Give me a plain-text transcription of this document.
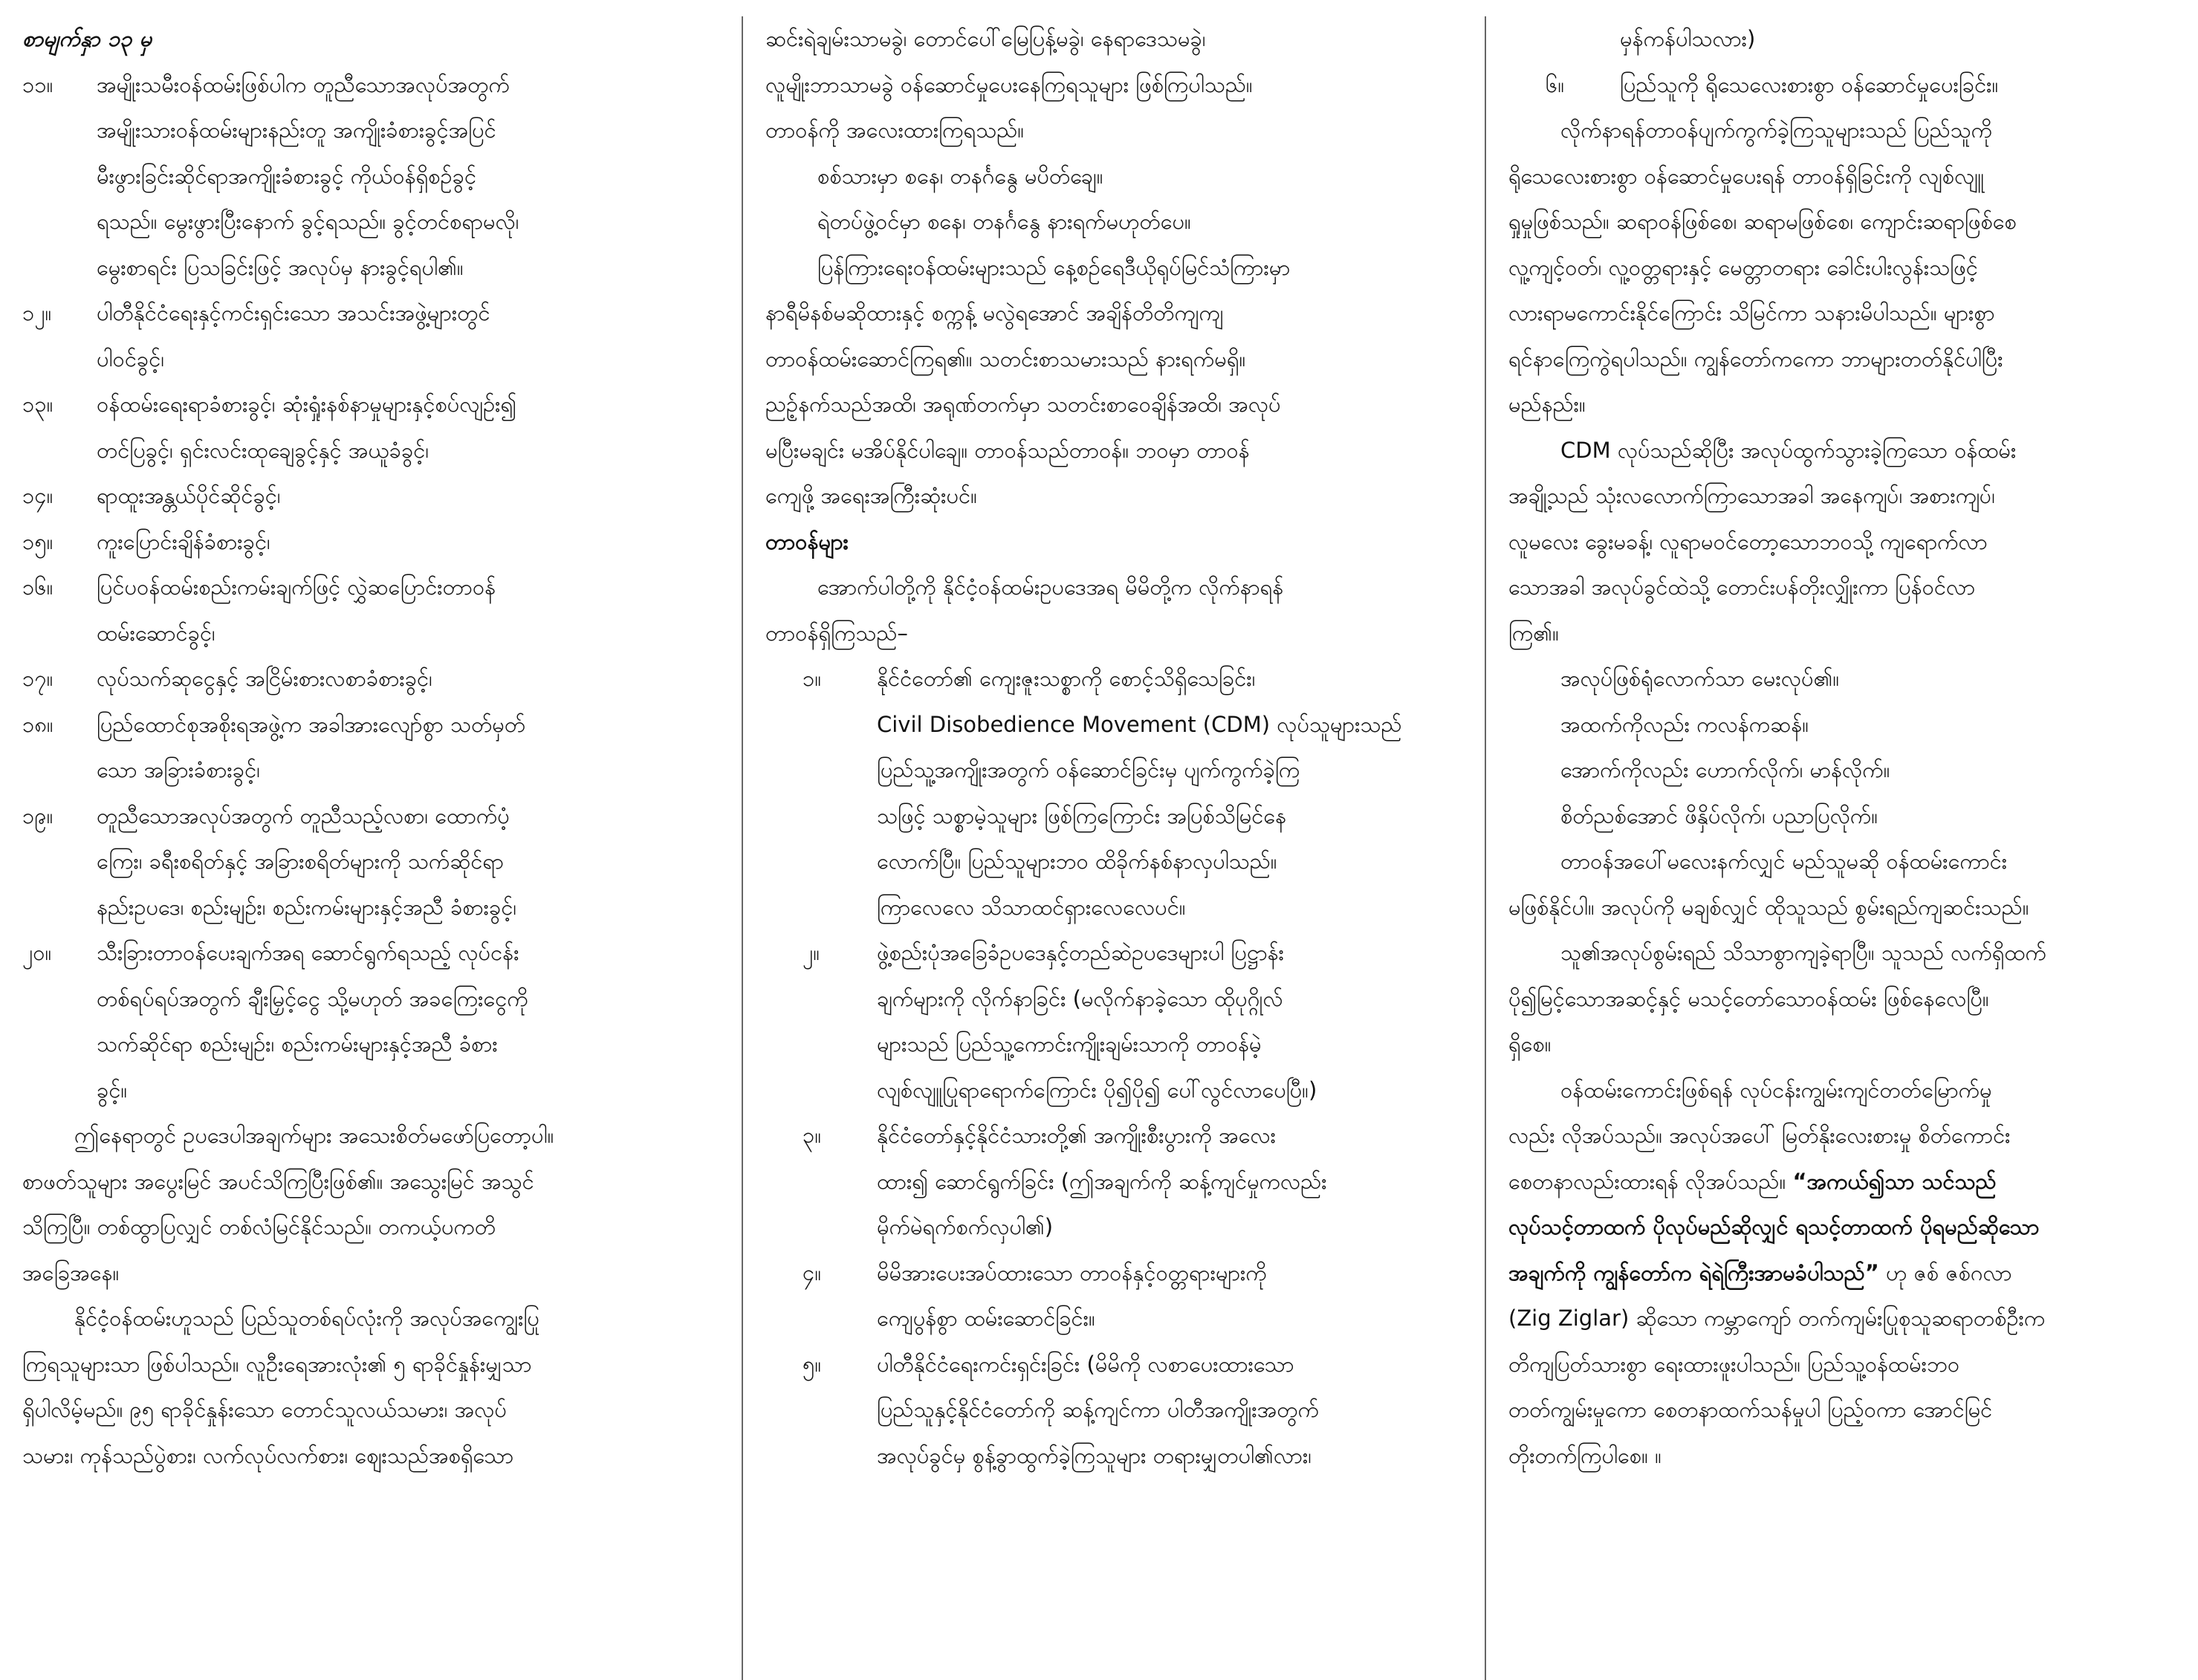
စာမျက်နှာ ၁၃ မှ
၁၁။	အမျိုးသမီးဝန်ထမ်းဖြစ်ပါက တူညီသောအလုပ်အတွက်
အမျိုးသားဝန်ထမ်းများနည်းတူ အကျိုးခံစားခွင့်အပြင်
မီးဖွားခြင်းဆိုင်ရာအကျိုးခံစားခွင့် ကိုယ်ဝန်ရှိစဉ်ခွင့်
ရသည်။ မွေးဖွားပြီးနောက် ခွင့်ရသည်။ ခွင့်တင်စရာမလို၊
မွေးစာရင်း ပြသခြင်းဖြင့် အလုပ်မှ နားခွင့်ရပါ၏။
၁၂။	ပါတီနိုင်ငံရေးနှင့်ကင်းရှင်းသော အသင်းအဖွဲ့များတွင်
ပါဝင်ခွင့်၊
၁၃။	ဝန်ထမ်းရေးရာခံစားခွင့်၊ ဆုံးရှုံးနစ်နာမှုများနှင့်စပ်လျဉ်း၍
တင်ပြခွင့်၊ ရှင်းလင်းထုချေခွင့်နှင့် အယူခံခွင့်၊
၁၄။	ရာထူးအန္တယ်ပိုင်ဆိုင်ခွင့်၊
၁၅။	ကူးပြောင်းချိန်ခံစားခွင့်၊
၁၆။	ပြင်ပဝန်ထမ်းစည်းကမ်းချက်ဖြင့် လွှဲဆပြောင်းတာဝန်
ထမ်းဆောင်ခွင့်၊
၁၇။	လုပ်သက်ဆုငွေနှင့် အငြိမ်းစားလစာခံစားခွင့်၊
၁၈။	ပြည်ထောင်စုအစိုးရအဖွဲ့က အခါအားလျော်စွာ သတ်မှတ်
သော အခြားခံစားခွင့်၊
၁၉။	တူညီသောအလုပ်အတွက် တူညီသည့်လစာ၊ ထောက်ပံ့
ကြေး၊ ခရီးစရိတ်နှင့် အခြားစရိတ်များကို သက်ဆိုင်ရာ
နည်းဥပဒေ၊ စည်းမျဉ်း၊ စည်းကမ်းများနှင့်အညီ ခံစားခွင့်၊
၂၀။	သီးခြားတာဝန်ပေးချက်အရ ဆောင်ရွက်ရသည့် လုပ်ငန်း
တစ်ရပ်ရပ်အတွက် ချီးမြှင့်ငွေ သို့မဟုတ် အခကြေးငွေကို
သက်ဆိုင်ရာ စည်းမျဉ်း၊ စည်းကမ်းများနှင့်အညီ ခံစား
ခွင့်။
ဤနေရာတွင် ဥပဒေပါအချက်များ အသေးစိတ်မဖော်ပြတော့ပါ။
စာဖတ်သူများ အပွေးမြင် အပင်သိကြပြီးဖြစ်၏။ အသွေးမြင် အသွင်
သိကြပြီ။ တစ်ထွာပြလျှင် တစ်လံမြင်နိုင်သည်။ တကယ့်ပကတိ
အခြေအနေ။
နိုင်ငံ့ဝန်ထမ်းဟူသည် ပြည်သူတစ်ရပ်လုံးကို အလုပ်အကျွေးပြု
ကြရသူများသာ ဖြစ်ပါသည်။ လူဦးရေအားလုံး၏ ၅ ရာခိုင်နှုန်းမျှသာ
ရှိပါလိမ့်မည်။ ၉၅ ရာခိုင်နှုန်းသော တောင်သူလယ်သမား၊ အလုပ်
သမား၊ ကုန်သည်ပွဲစား၊ လက်လုပ်လက်စား၊ ဈေးသည်အစရှိသော
ဆင်းရဲချမ်းသာမခွဲ၊ တောင်ပေါ်မြေပြန့်မခွဲ၊ နေရာဒေသမခွဲ၊
လူမျိုးဘာသာမခွဲ ဝန်ဆောင်မှုပေးနေကြရသူများ ဖြစ်ကြပါသည်။
တာဝန်ကို အလေးထားကြရသည်။
စစ်သားမှာ စနေ၊ တနင်္ဂနွေ မပိတ်ချေ။
ရဲတပ်ဖွဲ့ဝင်မှာ စနေ၊ တနင်္ဂနွေ နားရက်မဟုတ်ပေ။
ပြန်ကြားရေးဝန်ထမ်းများသည် နေ့စဉ်ရေဒီယိုရုပ်မြင်သံကြားမှာ
နာရီမိနစ်မဆိုထားနှင့် စက္ကန့် မလွဲရအောင် အချိန်တိတိကျကျ
တာဝန်ထမ်းဆောင်ကြရ၏။ သတင်းစာသမားသည် နားရက်မရှိ။
ညဉ့်နက်သည်အထိ၊ အရုဏ်တက်မှာ သတင်းစာဝေချိန်အထိ၊ အလုပ်
မပြီးမချင်း မအိပ်နိုင်ပါချေ။ တာဝန်သည်တာဝန်။ ဘဝမှာ တာဝန်
ကျေဖို့ အရေးအကြီးဆုံးပင်။
တာဝန်များ
အောက်ပါတို့ကို နိုင်ငံ့ဝန်ထမ်းဥပဒေအရ မိမိတို့က လိုက်နာရန်
တာဝန်ရှိကြသည်–
၁။	နိုင်ငံတော်၏ ကျေးဇူးသစ္စာကို စောင့်သိရှိသေခြင်း၊
Civil Disobedience Movement (CDM) လုပ်သူများသည်
ပြည်သူ့အကျိုးအတွက် ဝန်ဆောင်ခြင်းမှ ပျက်ကွက်ခဲ့ကြ
သဖြင့် သစ္စာမဲ့သူများ ဖြစ်ကြကြောင်း အပြစ်သိမြင်နေ
လောက်ပြီ။ ပြည်သူများဘဝ ထိခိုက်နစ်နာလှပါသည်။
ကြာလေလေ သိသာထင်ရှားလေလေပင်။
၂။	ဖွဲ့စည်းပုံအခြေခံဥပဒေနှင့်တည်ဆဲဥပဒေများပါ ပြဋ္ဌာန်း
ချက်များကို လိုက်နာခြင်း (မလိုက်နာခဲ့သော ထိုပုဂ္ဂိုလ်
များသည် ပြည်သူ့ကောင်းကျိုးချမ်းသာကို တာဝန်မဲ့
လျစ်လျူပြုရာရောက်ကြောင်း ပို၍ပို၍ ပေါ်လွင်လာပေပြီ။)
၃။	နိုင်ငံတော်နှင့်နိုင်ငံသားတို့၏ အကျိုးစီးပွားကို အလေး
ထား၍ ဆောင်ရွက်ခြင်း (ဤအချက်ကို ဆန့်ကျင်မှုကလည်း
မိုက်မဲရက်စက်လှပါ၏)
၄။	မိမိအားပေးအပ်ထားသော တာဝန်နှင့်ဝတ္တရားများကို
ကျေပွန်စွာ ထမ်းဆောင်ခြင်း။
၅။	ပါတီနိုင်ငံရေးကင်းရှင်းခြင်း (မိမိကို လစာပေးထားသော
ပြည်သူနှင့်နိုင်ငံတော်ကို ဆန့်ကျင်ကာ ပါတီအကျိုးအတွက်
အလုပ်ခွင်မှ စွန့်ခွာထွက်ခဲ့ကြသူများ တရားမျှတပါ၏လား၊
မှန်ကန်ပါသလား)
၆။	ပြည်သူကို ရိုသေလေးစားစွာ ဝန်ဆောင်မှုပေးခြင်း။
လိုက်နာရန်တာဝန်ပျက်ကွက်ခဲ့ကြသူများသည် ပြည်သူကို
ရိုသေလေးစားစွာ ဝန်ဆောင်မှုပေးရန် တာဝန်ရှိခြင်းကို လျစ်လျူ
ရှုမှုဖြစ်သည်။ ဆရာဝန်ဖြစ်စေ၊ ဆရာမဖြစ်စေ၊ ကျောင်းဆရာဖြစ်စေ
လူ့ကျင့်ဝတ်၊ လူ့ဝတ္တရားနှင့် မေတ္တာတရား ခေါင်းပါးလွန်းသဖြင့်
လားရာမကောင်းနိုင်ကြောင်း သိမြင်ကာ သနားမိပါသည်။ များစွာ
ရင်နာကြေကွဲရပါသည်။ ကျွန်တော်ကကော ဘာများတတ်နိုင်ပါပြီး
မည်နည်း။
CDM လုပ်သည်ဆိုပြီး အလုပ်ထွက်သွားခဲ့ကြသော ဝန်ထမ်း
အချို့သည် သုံးလလောက်ကြာသောအခါ အနေကျပ်၊ အစားကျပ်၊
လူမလေး ခွေးမခန့်၊ လူရာမဝင်တော့သောဘဝသို့ ကျရောက်လာ
သောအခါ အလုပ်ခွင်ထဲသို့ တောင်းပန်တိုးလျှိုးကာ ပြန်ဝင်လာ
ကြ၏။
အလုပ်ဖြစ်ရုံလောက်သာ မေးလုပ်၏။
အထက်ကိုလည်း ကလန်ကဆန်။
အောက်ကိုလည်း ဟောက်လိုက်၊ မာန်လိုက်။
စိတ်ညစ်အောင် ဖိနှိပ်လိုက်၊ ပညာပြလိုက်။
တာဝန်အပေါ်မလေးနက်လျှင် မည်သူမဆို ဝန်ထမ်းကောင်း
မဖြစ်နိုင်ပါ။ အလုပ်ကို မချစ်လျှင် ထိုသူသည် စွမ်းရည်ကျဆင်းသည်။
သူ၏အလုပ်စွမ်းရည် သိသာစွာကျခဲ့ရာပြီ။ သူသည် လက်ရှိထက်
ပို၍မြင့်သောအဆင့်နှင့် မသင့်တော်သောဝန်ထမ်း ဖြစ်နေလေပြီ။
ရှိစေ။
ဝန်ထမ်းကောင်းဖြစ်ရန် လုပ်ငန်းကျွမ်းကျင်တတ်မြောက်မှု
လည်း လိုအပ်သည်။ အလုပ်အပေါ် မြတ်နိုးလေးစားမှု စိတ်ကောင်း
စေတနာလည်းထားရန် လိုအပ်သည်။ “အကယ်၍သာ သင်သည်
လုပ်သင့်တာထက် ပိုလုပ်မည်ဆိုလျှင် ရသင့်တာထက် ပိုရမည်ဆိုသော
အချက်ကို ကျွန်တော်က ရဲရဲကြီးအာမခံပါသည်” ဟု ဇစ် ဇစ်ဂလာ
(Zig Ziglar) ဆိုသော ကမ္ဘာကျော် တက်ကျမ်းပြုစုသူဆရာတစ်ဦးက
တိကျပြတ်သားစွာ ရေးထားဖူးပါသည်။ ပြည်သူ့ဝန်ထမ်းဘဝ
တတ်ကျွမ်းမှုကော စေတနာထက်သန်မှုပါ ပြည့်ဝကာ အောင်မြင်
တိုးတက်ကြပါစေ။ ။
